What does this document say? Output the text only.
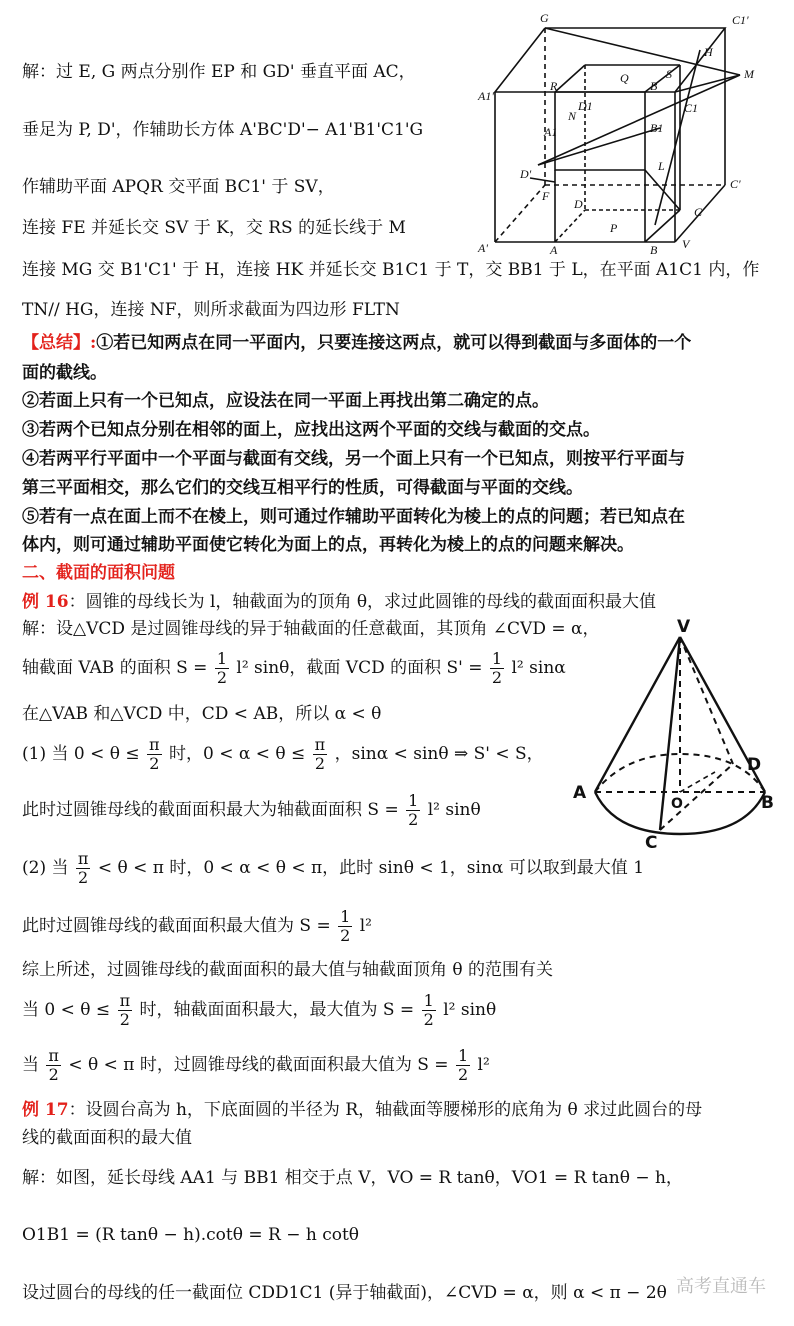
G	C1'
H
M
A1'
R	B
S
Q
D1
N
A1
C1
B1
D'
F
L
C'
D
P
A'	A	B V
C
V
A	B
D
O
C
解：过 E, G 两点分别作 EP 和 GD' 垂直平面 AC，
垂足为 P, D'，作辅助长方体 A'BC'D'− A1'B1'C1'G
作辅助平面 APQR 交平面 BC1' 于 SV，
连接 FE 并延长交 SV 于 K，交 RS 的延长线于 M
连接 MG 交 B1'C1' 于 H，连接 HK 并延长交 B1C1 于 T，交 BB1 于 L，在平面 A1C1 内，作
TN// HG，连接 NF，则所求截面为四边形 FLTN
【总结】:①若已知两点在同一平面内，只要连接这两点，就可以得到截面与多面体的一个
面的截线。
②若面上只有一个已知点，应设法在同一平面上再找出第二确定的点。
③若两个已知点分别在相邻的面上，应找出这两个平面的交线与截面的交点。
④若两平行平面中一个平面与截面有交线，另一个面上只有一个已知点，则按平行平面与
第三平面相交，那么它们的交线互相平行的性质，可得截面与平面的交线。
⑤若有一点在面上而不在棱上，则可通过作辅助平面转化为棱上的点的问题；若已知点在
体内，则可通过辅助平面使它转化为面上的点，再转化为棱上的点的问题来解决。
二、截面的面积问题
例 16：圆锥的母线长为 l，轴截面为的顶角 θ，求过此圆锥的母线的截面面积最大值
解：设△VCD 是过圆锥母线的异于轴截面的任意截面，其顶角 ∠CVD = α，
轴截面 VAB 的面积 $S = \frac{1}{2} l^2$ sinθ，截面 VCD 的面积 $S' = \frac{1}{2} l^2$ sinα
在△VAB 和△VCD 中，CD < AB，所以 α < θ
(1) 当 $0 < \theta \le \frac{\pi}{2}$ 时，$0 < \alpha < \theta \le \frac{\pi}{2}$ ，sinα < sinθ ⇒ S' < S，
此时过圆锥母线的截面面积最大为轴截面面积 $S = \frac{1}{2} l^2$ sinθ
(2) 当 $\frac{\pi}{2} < \theta < \pi$ 时，0 < α < θ < π，此时 sinθ < 1，sinα 可以取到最大值 1
此时过圆锥母线的截面面积最大值为 $S = \frac{1}{2} l^2$
综上所述，过圆锥母线的截面面积的最大值与轴截面顶角 θ 的范围有关
当 $0 < \theta \le \frac{\pi}{2}$ 时，轴截面面积最大，最大值为 $S = \frac{1}{2} l^2$ sinθ
当 $\frac{\pi}{2} < \theta < \pi$ 时，过圆锥母线的截面面积最大值为 $S = \frac{1}{2} l^2$
例 17：设圆台高为 h，下底面圆的半径为 R，轴截面等腰梯形的底角为 θ 求过此圆台的母
线的截面面积的最大值
解：如图，延长母线 AA1 与 BB1 相交于点 V，VO = R tanθ，VO1 = R tanθ − h，
O1B1 = (R tanθ − h).cotθ = R − h cotθ
设过圆台的母线的任一截面位 CDD1C1 (异于轴截面)，∠CVD = α，则 α < π − 2θ 高考直通车
